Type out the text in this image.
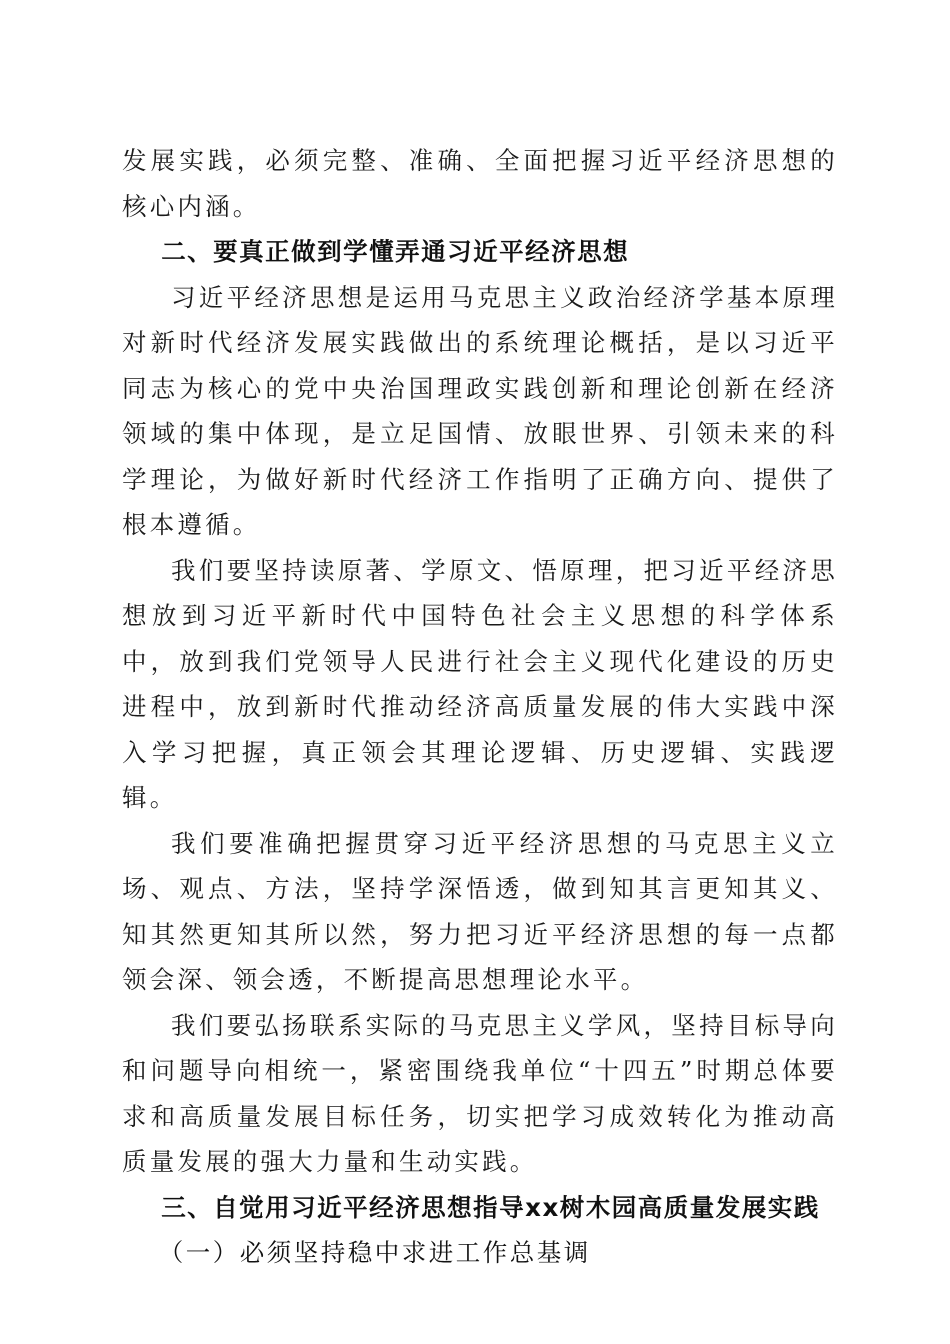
发展实践，必须完整、准确、全面把握习近平经济思想的核心内涵。

二、要真正做到学懂弄通习近平经济思想

习近平经济思想是运用马克思主义政治经济学基本原理对新时代经济发展实践做出的系统理论概括，是以习近平同志为核心的党中央治国理政实践创新和理论创新在经济领域的集中体现，是立足国情、放眼世界、引领未来的科学理论，为做好新时代经济工作指明了正确方向、提供了根本遵循。

我们要坚持读原著、学原文、悟原理，把习近平经济思想放到习近平新时代中国特色社会主义思想的科学体系中，放到我们党领导人民进行社会主义现代化建设的历史进程中，放到新时代推动经济高质量发展的伟大实践中深入学习把握，真正领会其理论逻辑、历史逻辑、实践逻辑。

我们要准确把握贯穿习近平经济思想的马克思主义立场、观点、方法，坚持学深悟透，做到知其言更知其义、知其然更知其所以然，努力把习近平经济思想的每一点都领会深、领会透，不断提高思想理论水平。

我们要弘扬联系实际的马克思主义学风，坚持目标导向和问题导向相统一，紧密围绕我单位“十四五”时期总体要求和高质量发展目标任务，切实把学习成效转化为推动高质量发展的强大力量和生动实践。

三、自觉用习近平经济思想指导xx树木园高质量发展实践

（一）必须坚持稳中求进工作总基调
